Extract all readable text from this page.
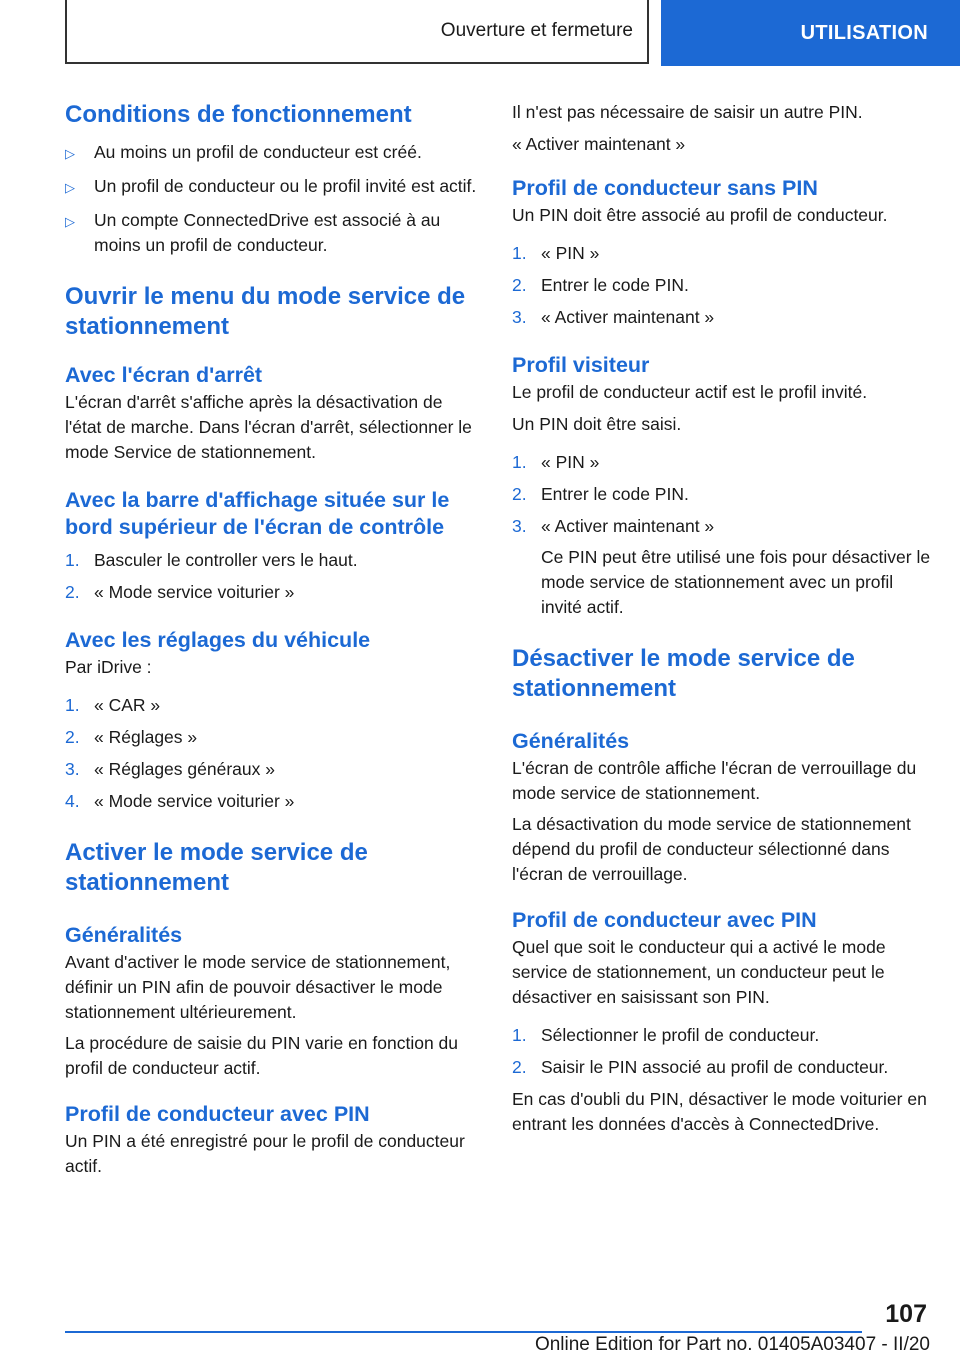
Ouverture et fermeture	UTILISATION
Conditions de fonctionnement
▷	Au moins un profil de conducteur est créé.
▷	Un profil de conducteur ou le profil invité est actif.
▷	Un compte ConnectedDrive est associé à au moins un profil de conducteur.
Ouvrir le menu du mode service de stationnement
Avec l'écran d'arrêt

L'écran d'arrêt s'affiche après la désactivation de l'état de marche. Dans l'écran d'arrêt, sélectionner le mode Service de stationnement.

Avec la barre d'affichage située sur le bord supérieur de l'écran de contrôle
1. Basculer le controller vers le haut.
2. « Mode service voiturier »
Avec les réglages du véhicule

Par iDrive :

1. « CAR »
2. « Réglages »
3. « Réglages généraux »
4. « Mode service voiturier »
Activer le mode service de stationnement
Généralités

Avant d'activer le mode service de stationnement, définir un PIN afin de pouvoir désactiver le mode stationnement ultérieurement.

La procédure de saisie du PIN varie en fonction du profil de conducteur actif.

Profil de conducteur avec PIN

Un PIN a été enregistré pour le profil de conducteur actif.

Il n'est pas nécessaire de saisir un autre PIN.

« Activer maintenant »

Profil de conducteur sans PIN

Un PIN doit être associé au profil de conducteur.

1. « PIN »
2. Entrer le code PIN.
3. « Activer maintenant »
Profil visiteur

Le profil de conducteur actif est le profil invité.

Un PIN doit être saisi.

1. « PIN »
2. Entrer le code PIN.
3. « Activer maintenant »
Ce PIN peut être utilisé une fois pour désactiver le mode service de stationnement avec un profil invité actif.
Désactiver le mode service de stationnement
Généralités

L'écran de contrôle affiche l'écran de verrouillage du mode service de stationnement.

La désactivation du mode service de stationnement dépend du profil de conducteur sélectionné dans l'écran de verrouillage.

Profil de conducteur avec PIN

Quel que soit le conducteur qui a activé le mode service de stationnement, un conducteur peut le désactiver en saisissant son PIN.

1. Sélectionner le profil de conducteur.
2. Saisir le PIN associé au profil de conducteur.

En cas d'oubli du PIN, désactiver le mode voiturier en entrant les données d'accès à ConnectedDrive.

107
Online Edition for Part no. 01405A03407 - II/20
